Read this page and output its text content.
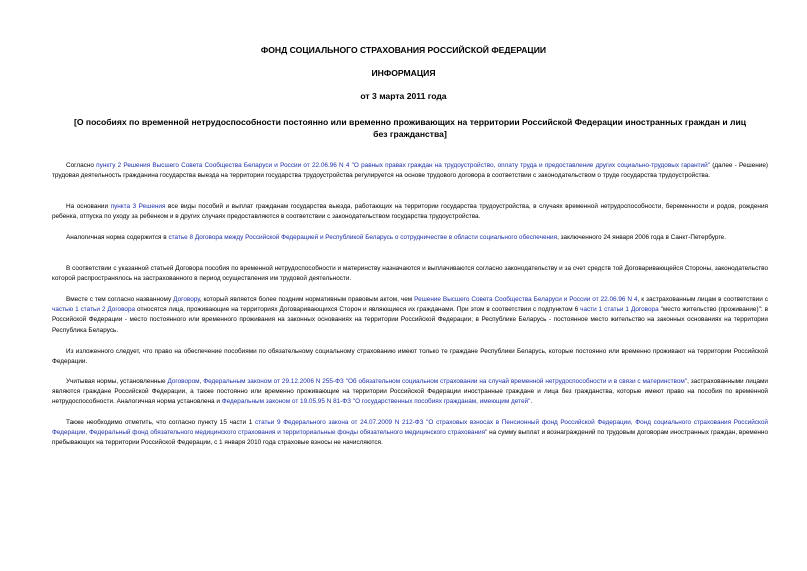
ФОНД СОЦИАЛЬНОГО СТРАХОВАНИЯ РОССИЙСКОЙ ФЕДЕРАЦИИ
ИНФОРМАЦИЯ
от 3 марта 2011 года
[О пособиях по временной нетрудоспособности постоянно или временно проживающих на территории Российской Федерации иностранных граждан и лиц без гражданства]
Согласно пункту 2 Решения Высшего Совета Сообщества Беларуси и России от 22.06.96 N 4 "О равных правах граждан на трудоустройство, оплату труда и предоставление других социально-трудовых гарантий" (далее - Решение) трудовая деятельность гражданина государства выезда на территории государства трудоустройства регулируется на основе трудового договора в соответствии с законодательством о труде государства трудоустройства.
На основании пункта 3 Решения все виды пособий и выплат гражданам государства выезда, работающих на территории государства трудоустройства, в случаях временной нетрудоспособности, беременности и родов, рождения ребенка, отпуска по уходу за ребенком и в других случаях предоставляются в соответствии с законодательством государства трудоустройства.
Аналогичная норма содержится в статье 8 Договора между Российской Федерацией и Республикой Беларусь о сотрудничестве в области социального обеспечения, заключенного 24 января 2006 года в Санкт-Петербурге.
В соответствии с указанной статьей Договора пособия по временной нетрудоспособности и материнству назначаются и выплачиваются согласно законодательству и за счет средств той Договаривающейся Стороны, законодательство которой распространялось на застрахованного в период осуществления им трудовой деятельности.
Вместе с тем согласно названному Договору, который является более поздним нормативным правовым актом, чем Решение Высшего Совета Сообщества Беларуси и России от 22.06.96 N 4, к застрахованным лицам в соответствии с частью 1 статьи 2 Договора относятся лица, проживающие на территориях Договаривающихся Сторон и являющиеся их гражданами. При этом в соответствии с подпунктом 6 части 1 статьи 1 Договора "место жительство (проживание)": в Российской Федерации - место постоянного или временного проживания на законных основаниях на территории Российской Федерации; в Республике Беларусь - постоянное место жительство на законных основаниях на территории Республика Беларусь.
Из изложенного следует, что право на обеспечение пособиями по обязательному социальному страхованию имеют только те граждане Республики Беларусь, которые постоянно или временно проживают на территории Российской Федерации.
Учитывая нормы, установленные Договором, Федеральным законом от 29.12.2006 N 255-ФЗ "Об обязательном социальном страховании на случай временной нетрудоспособности и в связи с материнством", застрахованными лицами являются граждане Российской Федерации, а также постоянно или временно проживающие на территории Российской Федерации иностранные граждане и лица без гражданства, которые имеют право на пособия по временной нетрудоспособности. Аналогичная норма установлена и Федеральным законом от 19.05.95 N 81-ФЗ "О государственных пособиях гражданам, имеющим детей".
Также необходимо отметить, что согласно пункту 15 части 1 статьи 9 Федерального закона от 24.07.2009 N 212-ФЗ "О страховых взносах в Пенсионный фонд Российской Федерации, Фонд социального страхования Российской Федерации, Федеральный фонд обязательного медицинского страхования и территориальные фонды обязательного медицинского страхования" на сумму выплат и вознаграждений по трудовым договорам иностранных граждан, временно пребывающих на территории Российской Федерации, с 1 января 2010 года страховые взносы не начисляются.
